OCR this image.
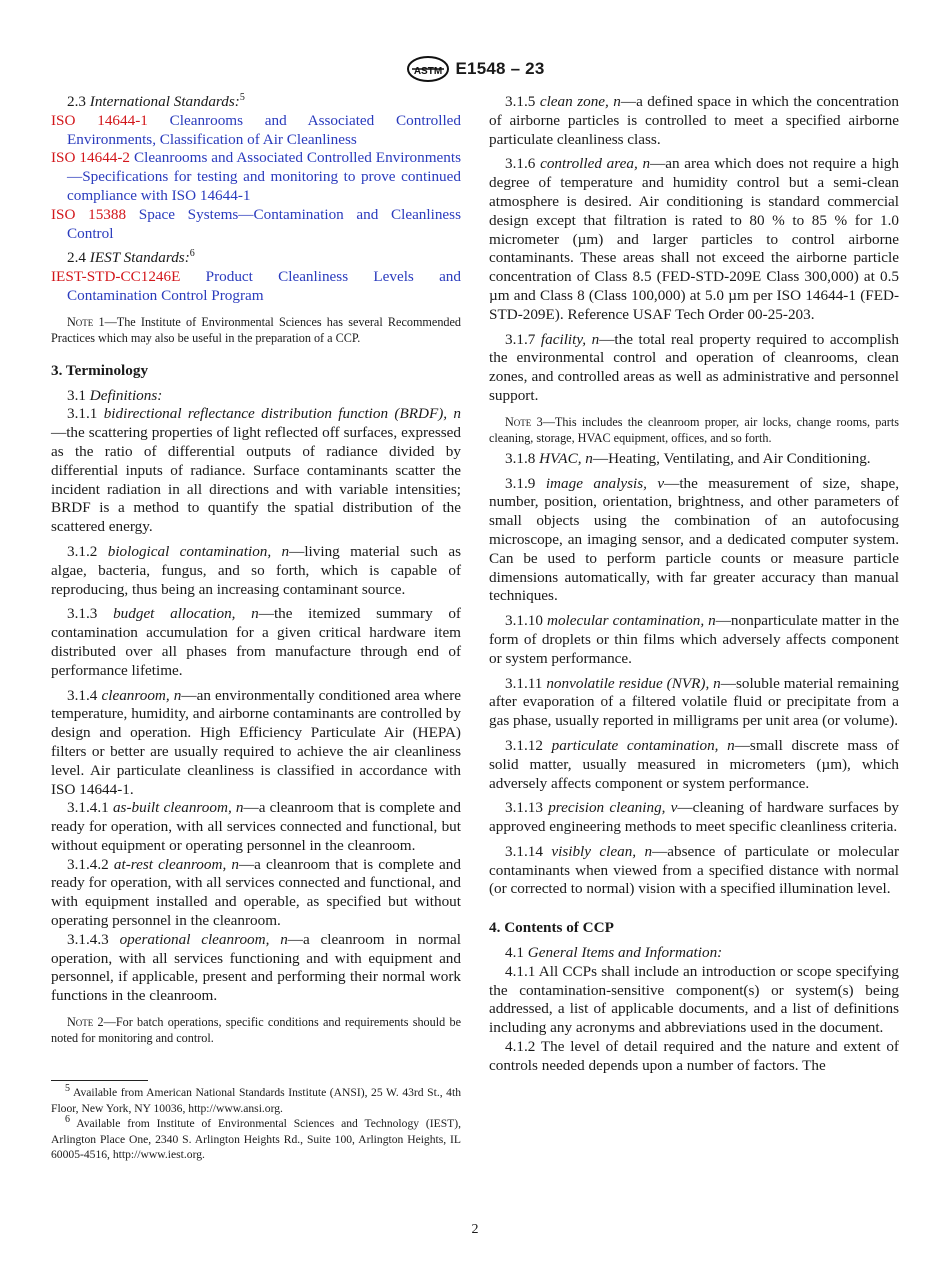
ASTM E1548 – 23

2.3 International Standards:$^5$

ISO 14644-1 Cleanrooms and Associated Controlled Environments, Classification of Air Cleanliness
ISO 14644-2 Cleanrooms and Associated Controlled Environments—Specifications for testing and monitoring to prove continued compliance with ISO 14644-1
ISO 15388 Space Systems—Contamination and Cleanliness Control

2.4 IEST Standards:$^6$

IEST-STD-CC1246E Product Cleanliness Levels and Contamination Control Program
Note 1—The Institute of Environmental Sciences has several Recommended Practices which may also be useful in the preparation of a CCP.
3. Terminology

3.1 Definitions:

3.1.1 bidirectional reflectance distribution function (BRDF), n—the scattering properties of light reflected off surfaces, expressed as the ratio of differential outputs of radiance divided by differential inputs of radiance. Surface contaminants scatter the incident radiation in all directions and with variable intensities; BRDF is a method to quantify the spatial distribution of the scattered energy.

3.1.2 biological contamination, n—living material such as algae, bacteria, fungus, and so forth, which is capable of reproducing, thus being an increasing contaminant source.

3.1.3 budget allocation, n—the itemized summary of contamination accumulation for a given critical hardware item distributed over all phases from manufacture through end of performance lifetime.

3.1.4 cleanroom, n—an environmentally conditioned area where temperature, humidity, and airborne contaminants are controlled by design and operation. High Efficiency Particulate Air (HEPA) filters or better are usually required to achieve the air cleanliness level. Air particulate cleanliness is classified in accordance with ISO 14644-1.

3.1.4.1 as-built cleanroom, n—a cleanroom that is complete and ready for operation, with all services connected and functional, but without equipment or operating personnel in the cleanroom.

3.1.4.2 at-rest cleanroom, n—a cleanroom that is complete and ready for operation, with all services connected and functional, and with equipment installed and operable, as specified but without operating personnel in the cleanroom.

3.1.4.3 operational cleanroom, n—a cleanroom in normal operation, with all services functioning and with equipment and personnel, if applicable, present and performing their normal work functions in the cleanroom.

Note 2—For batch operations, specific conditions and requirements should be noted for monitoring and control.
$^5$ Available from American National Standards Institute (ANSI), 25 W. 43rd St., 4th Floor, New York, NY 10036, http://www.ansi.org.
$^6$ Available from Institute of Environmental Sciences and Technology (IEST), Arlington Place One, 2340 S. Arlington Heights Rd., Suite 100, Arlington Heights, IL 60005-4516, http://www.iest.org.

3.1.5 clean zone, n—a defined space in which the concentration of airborne particles is controlled to meet a specified airborne particulate cleanliness class.

3.1.6 controlled area, n—an area which does not require a high degree of temperature and humidity control but a semi-clean atmosphere is desired. Air conditioning is standard commercial design except that filtration is rated to 80 % to 85 % for 1.0 micrometer (µm) and larger particles to control airborne contaminants. These areas shall not exceed the airborne particle concentration of Class 8.5 (FED-STD-209E Class 300,000) at 0.5 µm and Class 8 (Class 100,000) at 5.0 µm per ISO 14644-1 (FED-STD-209E). Reference USAF Tech Order 00-25-203.

3.1.7 facility, n—the total real property required to accomplish the environmental control and operation of cleanrooms, clean zones, and controlled areas as well as administrative and personnel support.

Note 3—This includes the cleanroom proper, air locks, change rooms, parts cleaning, storage, HVAC equipment, offices, and so forth.

3.1.8 HVAC, n—Heating, Ventilating, and Air Conditioning.

3.1.9 image analysis, v—the measurement of size, shape, number, position, orientation, brightness, and other parameters of small objects using the combination of an autofocusing microscope, an imaging sensor, and a dedicated computer system. Can be used to perform particle counts or measure particle dimensions automatically, with far greater accuracy than manual techniques.

3.1.10 molecular contamination, n—nonparticulate matter in the form of droplets or thin films which adversely affects component or system performance.

3.1.11 nonvolatile residue (NVR), n—soluble material remaining after evaporation of a filtered volatile fluid or precipitate from a gas phase, usually reported in milligrams per unit area (or volume).

3.1.12 particulate contamination, n—small discrete mass of solid matter, usually measured in micrometers (µm), which adversely affects component or system performance.

3.1.13 precision cleaning, v—cleaning of hardware surfaces by approved engineering methods to meet specific cleanliness criteria.

3.1.14 visibly clean, n—absence of particulate or molecular contaminants when viewed from a specified distance with normal (or corrected to normal) vision with a specified illumination level.

4. Contents of CCP

4.1 General Items and Information:

4.1.1 All CCPs shall include an introduction or scope specifying the contamination-sensitive component(s) or system(s) being addressed, a list of applicable documents, and a list of definitions including any acronyms and abbreviations used in the document.

4.1.2 The level of detail required and the nature and extent of controls needed depends upon a number of factors. The

2
